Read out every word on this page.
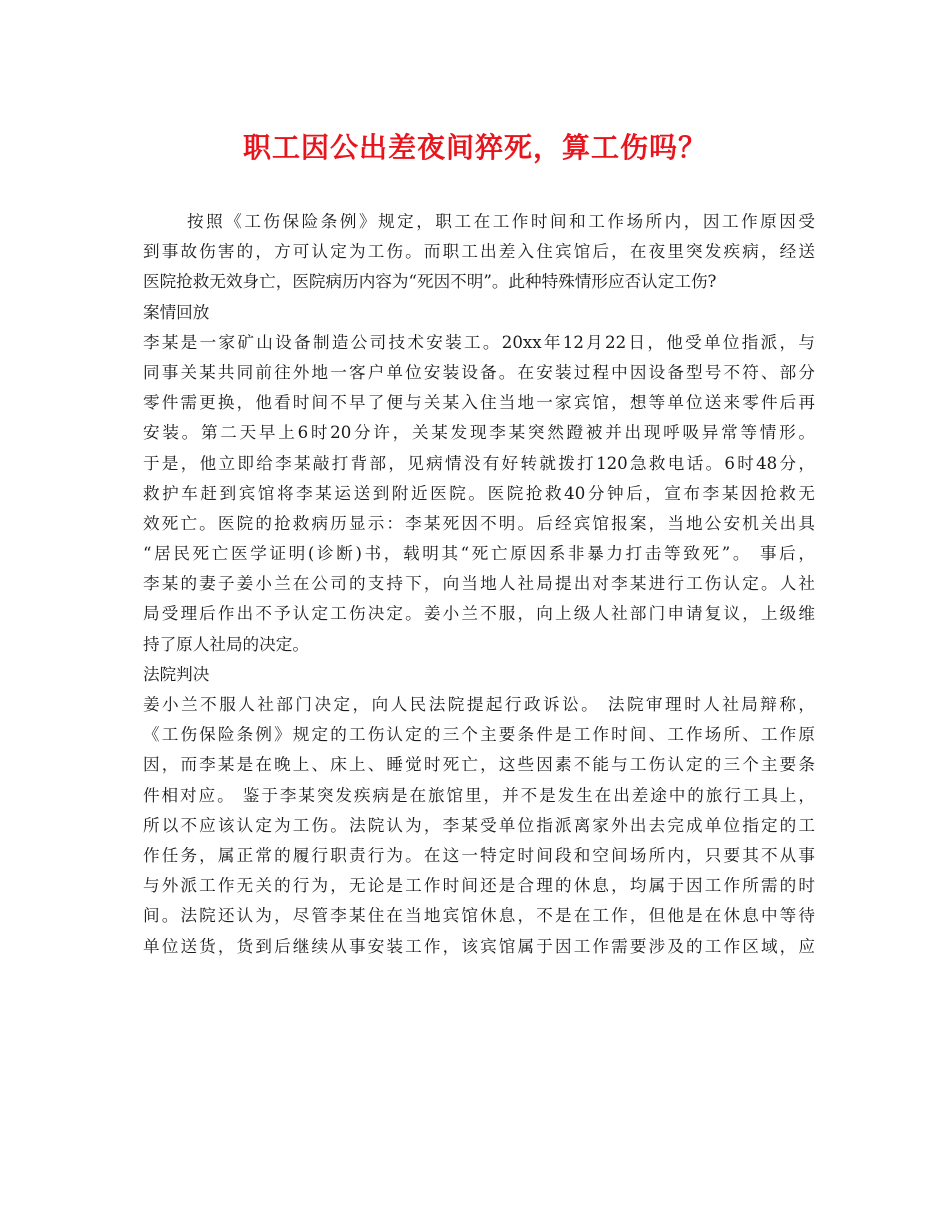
职工因公出差夜间猝死，算工伤吗？
按照《工伤保险条例》规定，职工在工作时间和工作场所内，因工作原因受
到事故伤害的，方可认定为工伤。而职工出差入住宾馆后，在夜里突发疾病，经送
医院抢救无效身亡，医院病历内容为“死因不明”。此种特殊情形应否认定工伤?
案情回放
李某是一家矿山设备制造公司技术安装工。20xx年12月22日，他受单位指派，与
同事关某共同前往外地一客户单位安装设备。在安装过程中因设备型号不符、部分
零件需更换，他看时间不早了便与关某入住当地一家宾馆，想等单位送来零件后再
安装。第二天早上6时20分许，关某发现李某突然蹬被并出现呼吸异常等情形。
于是，他立即给李某敲打背部，见病情没有好转就拨打120急救电话。6时48分，
救护车赶到宾馆将李某运送到附近医院。医院抢救40分钟后，宣布李某因抢救无
效死亡。医院的抢救病历显示：李某死因不明。后经宾馆报案，当地公安机关出具
“居民死亡医学证明(诊断)书，载明其“死亡原因系非暴力打击等致死”。 事后，
李某的妻子姜小兰在公司的支持下，向当地人社局提出对李某进行工伤认定。人社
局受理后作出不予认定工伤决定。姜小兰不服，向上级人社部门申请复议，上级维
持了原人社局的决定。
法院判决
姜小兰不服人社部门决定，向人民法院提起行政诉讼。 法院审理时人社局辩称，
《工伤保险条例》规定的工伤认定的三个主要条件是工作时间、工作场所、工作原
因，而李某是在晚上、床上、睡觉时死亡，这些因素不能与工伤认定的三个主要条
件相对应。 鉴于李某突发疾病是在旅馆里，并不是发生在出差途中的旅行工具上，
所以不应该认定为工伤。法院认为，李某受单位指派离家外出去完成单位指定的工
作任务，属正常的履行职责行为。在这一特定时间段和空间场所内，只要其不从事
与外派工作无关的行为，无论是工作时间还是合理的休息，均属于因工作所需的时
间。法院还认为，尽管李某住在当地宾馆休息，不是在工作，但他是在休息中等待
单位送货，货到后继续从事安装工作，该宾馆属于因工作需要涉及的工作区域，应
